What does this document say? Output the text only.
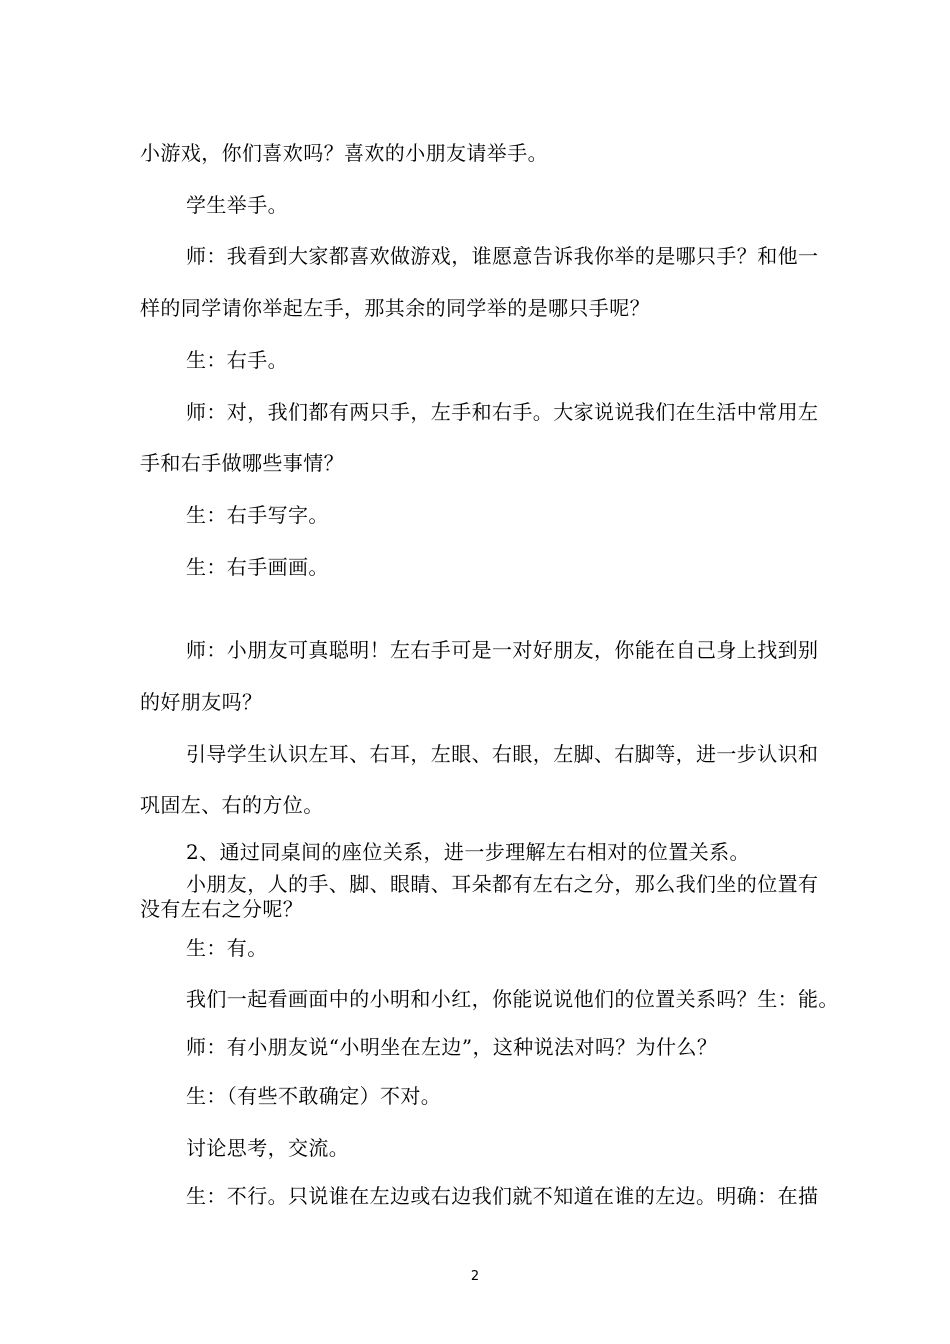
小游戏，你们喜欢吗？喜欢的小朋友请举手。
学生举手。
师：我看到大家都喜欢做游戏，谁愿意告诉我你举的是哪只手？和他一
样的同学请你举起左手，那其余的同学举的是哪只手呢？
生：右手。
师：对，我们都有两只手，左手和右手。大家说说我们在生活中常用左
手和右手做哪些事情？
生：右手写字。
生：右手画画。
师：小朋友可真聪明！左右手可是一对好朋友，你能在自己身上找到别
的好朋友吗？
引导学生认识左耳、右耳，左眼、右眼，左脚、右脚等，进一步认识和
巩固左、右的方位。
2、通过同桌间的座位关系，进一步理解左右相对的位置关系。
小朋友，人的手、脚、眼睛、耳朵都有左右之分，那么我们坐的位置有
没有左右之分呢？
生：有。
我们一起看画面中的小明和小红，你能说说他们的位置关系吗？生：能。
师：有小朋友说“小明坐在左边”，这种说法对吗？为什么？
生：（有些不敢确定）不对。
讨论思考，交流。
生：不行。只说谁在左边或右边我们就不知道在谁的左边。明确：在描
2
